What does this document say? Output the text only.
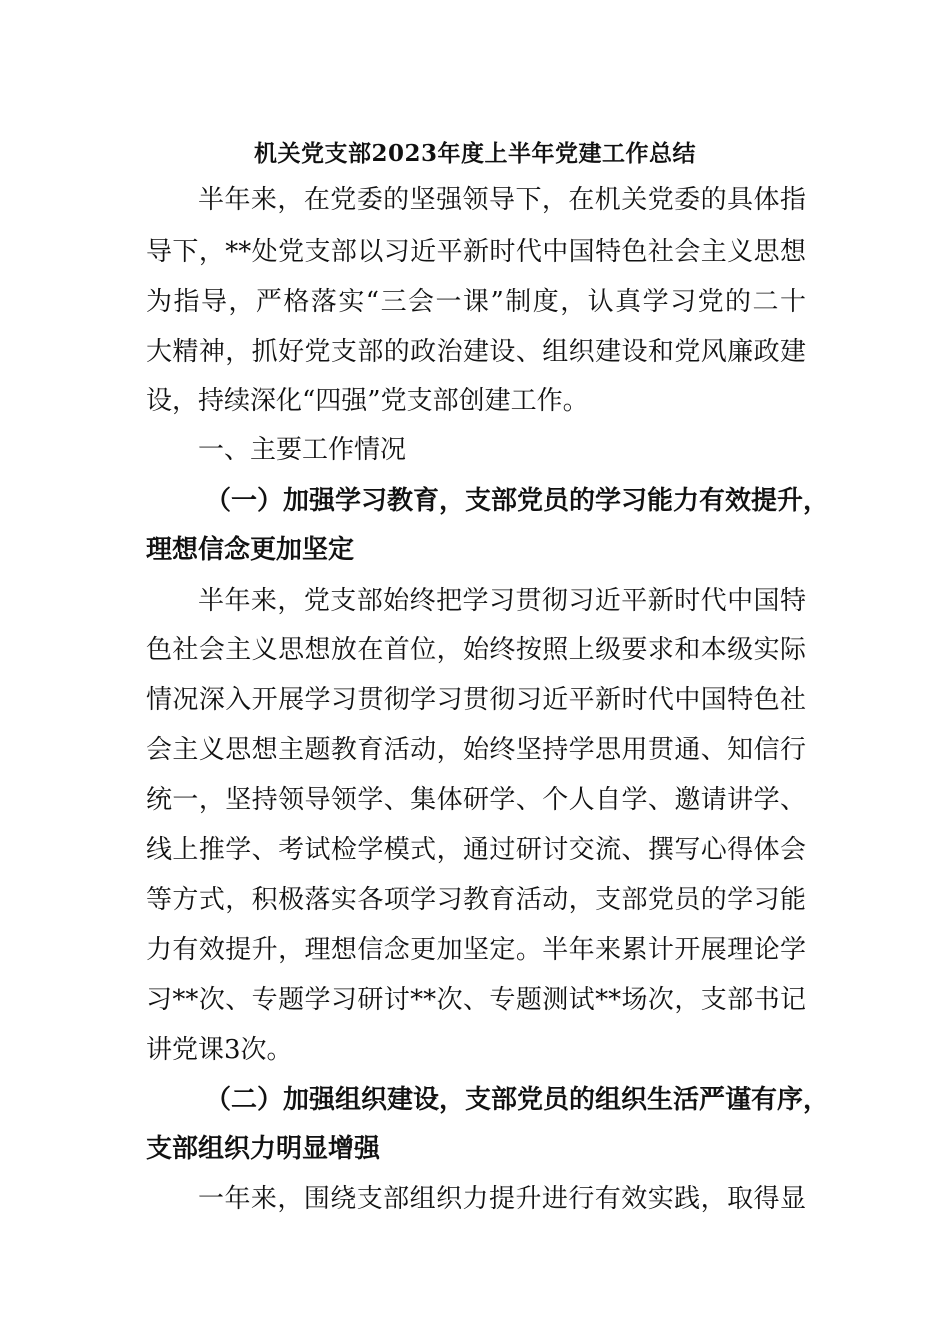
机关党支部2023年度上半年党建工作总结
半年来，在党委的坚强领导下，在机关党委的具体指
导下，**处党支部以习近平新时代中国特色社会主义思想
为指导，严格落实“三会一课”制度，认真学习党的二十
大精神，抓好党支部的政治建设、组织建设和党风廉政建
设，持续深化“四强”党支部创建工作。
一、主要工作情况
（一）加强学习教育，支部党员的学习能力有效提升，
理想信念更加坚定
半年来，党支部始终把学习贯彻习近平新时代中国特
色社会主义思想放在首位，始终按照上级要求和本级实际
情况深入开展学习贯彻学习贯彻习近平新时代中国特色社
会主义思想主题教育活动，始终坚持学思用贯通、知信行
统一，坚持领导领学、集体研学、个人自学、邀请讲学、
线上推学、考试检学模式，通过研讨交流、撰写心得体会
等方式，积极落实各项学习教育活动，支部党员的学习能
力有效提升，理想信念更加坚定。半年来累计开展理论学
习**次、专题学习研讨**次、专题测试**场次，支部书记
讲党课3次。
（二）加强组织建设，支部党员的组织生活严谨有序，
支部组织力明显增强
一年来，围绕支部组织力提升进行有效实践，取得显
